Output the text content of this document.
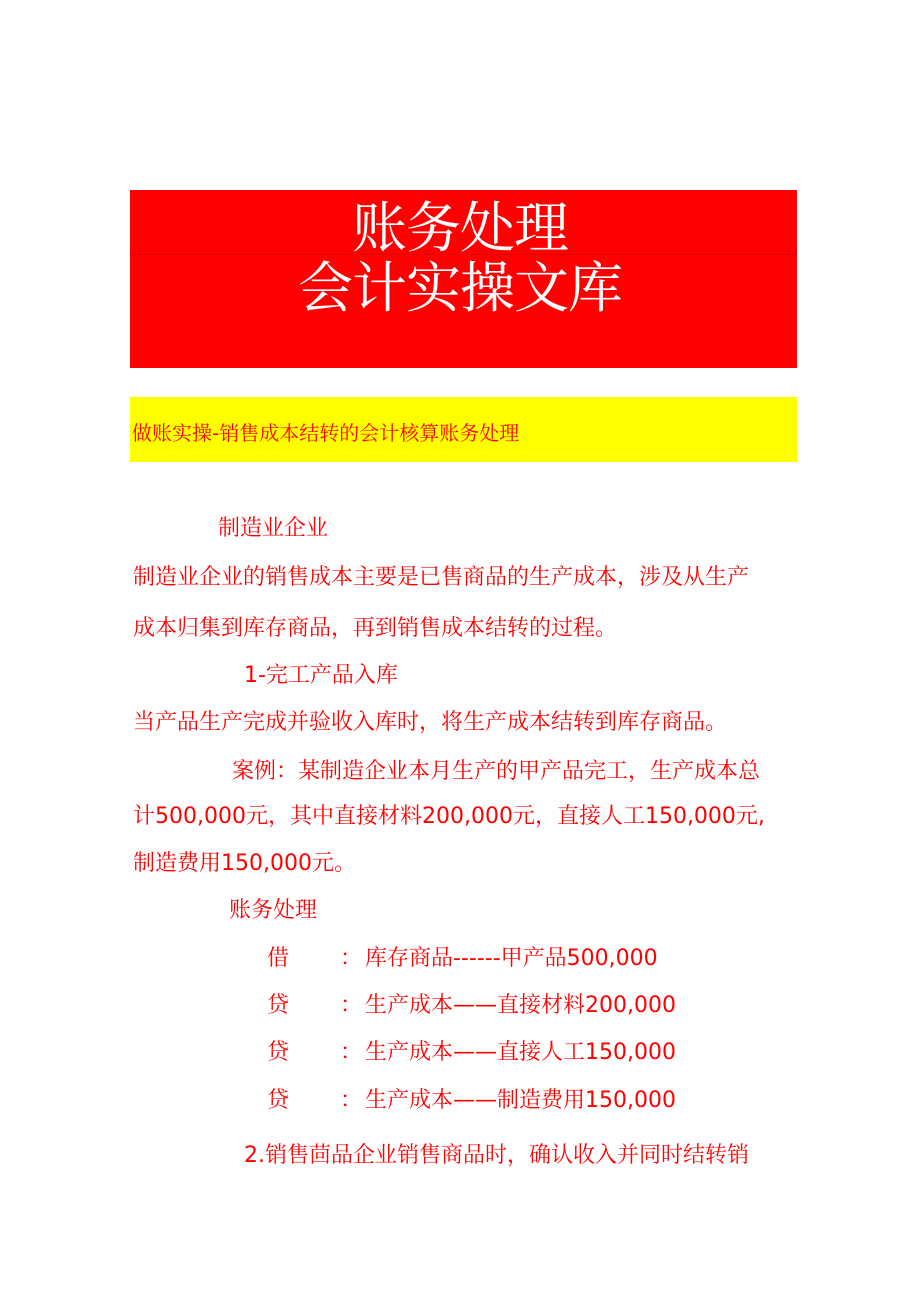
账务处理
会计实操文库
做账实操-销售成本结转的会计核算账务处理
制造业企业
制造业企业的销售成本主要是已售商品的生产成本，涉及从生产
成本归集到库存商品，再到销售成本结转的过程。
1-完工产品入库
当产品生产完成并验收入库时，将生产成本结转到库存商品。
案例：某制造企业本月生产的甲产品完工，生产成本总
计500,000元，其中直接材料200,000元，直接人工150,000元,
制造费用150,000元。
账务处理
借 ： 库存商品------甲产品500,000
贷 ： 生产成本——直接材料200,000
贷 ： 生产成本——直接人工150,000
贷 ： 生产成本——制造费用150,000
2.销售茴品企业销售商品时，确认收入并同时结转销
